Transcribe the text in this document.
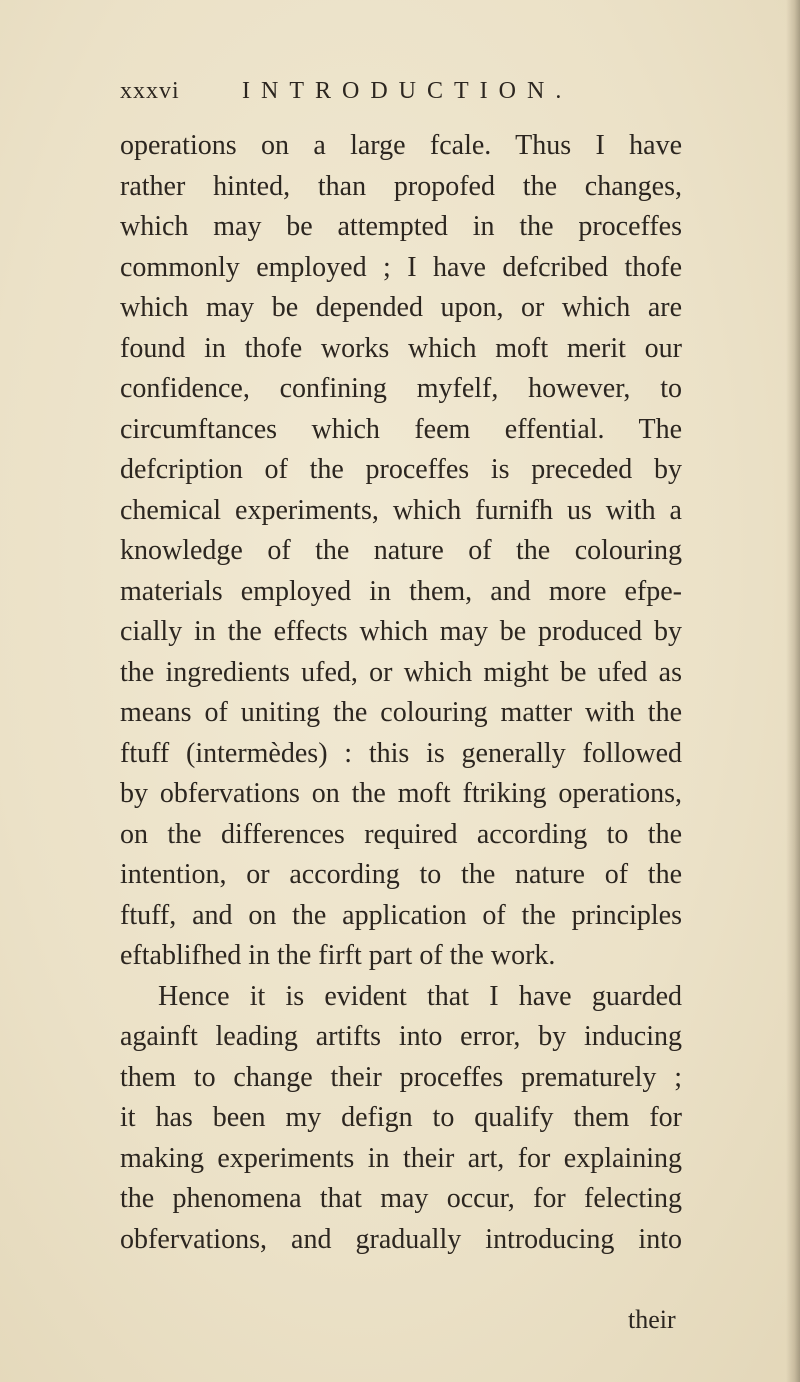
xxxvi	INTRODUCTION.
operations on a large fcale. Thus I have
rather hinted, than propofed the changes,
which may be attempted in the proceffes
commonly employed ; I have defcribed thofe
which may be depended upon, or which are
found in thofe works which moft merit our
confidence, confining myfelf, however, to
circumftances which feem effential. The
defcription of the proceffes is preceded by
chemical experiments, which furnifh us with a
knowledge of the nature of the colouring
materials employed in them, and more efpe-
cially in the effects which may be produced by
the ingredients ufed, or which might be ufed as
means of uniting the colouring matter with the
ftuff (intermèdes) : this is generally followed
by obfervations on the moft ftriking operations,
on the differences required according to the
intention, or according to the nature of the
ftuff, and on the application of the principles
eftablifhed in the firft part of the work.
Hence it is evident that I have guarded
againft leading artifts into error, by inducing
them to change their proceffes prematurely ;
it has been my defign to qualify them for
making experiments in their art, for explaining
the phenomena that may occur, for felecting
obfervations, and gradually introducing into
their
